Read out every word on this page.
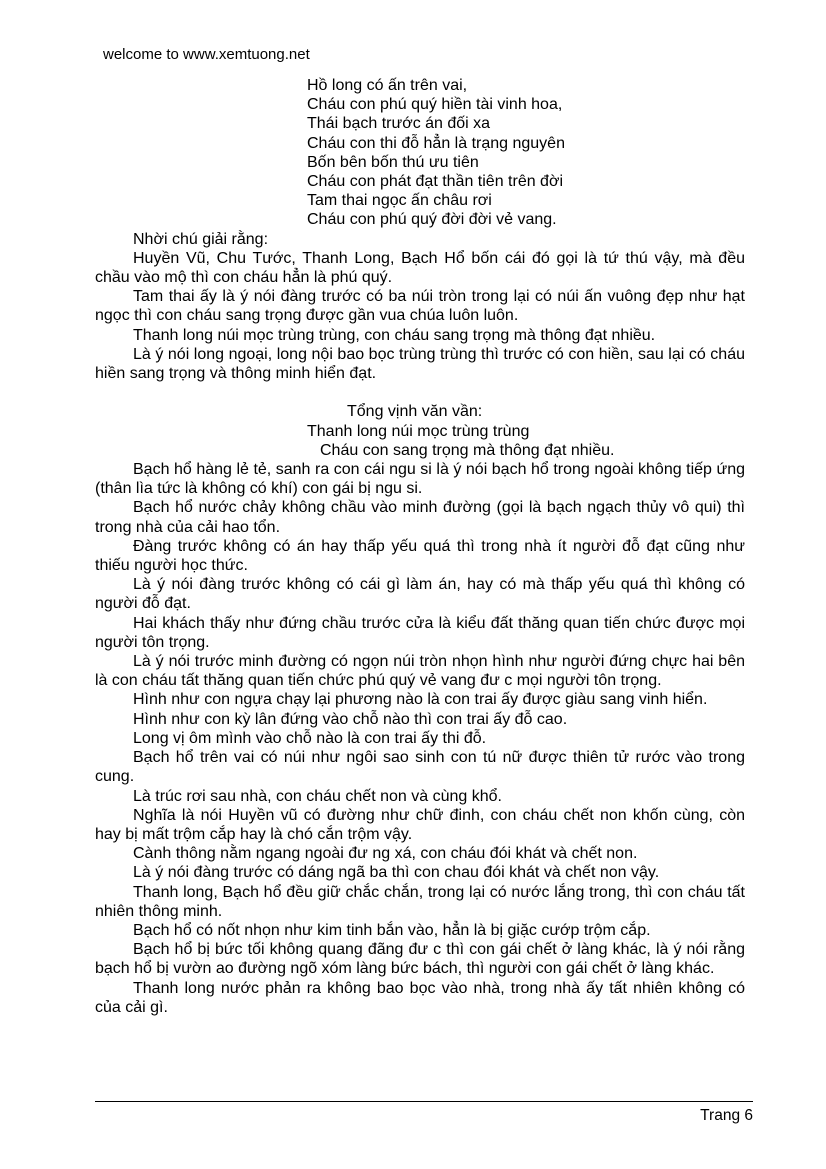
welcome to www.xemtuong.net
Hồ long có ấn trên vai,
Cháu con phú quý hiền tài vinh hoa,
Thái bạch trước án đối xa
Cháu con thi đỗ hẳn là trạng nguyên
Bốn bên bốn thú ưu tiên
Cháu con phát đạt thần tiên trên đời
Tam thai ngọc ấn châu rơi
Cháu con phú quý đời đời vẻ vang.

Nhời chú giải rằng:

Huyền Vũ, Chu Tước, Thanh Long, Bạch Hổ bốn cái đó gọi là tứ thú vậy, mà đều chầu vào mộ thì con cháu hẳn là phú quý.

Tam thai ấy là ý nói đàng trước có ba núi tròn trong lại có núi ấn vuông đẹp như hạt ngọc thì con cháu sang trọng được gần vua chúa luôn luôn.

Thanh long núi mọc trùng trùng, con cháu sang trọng mà thông đạt nhiều.

Là ý nói long ngoại, long nội bao bọc trùng trùng thì trước có con hiền, sau lại có cháu hiền sang trọng và thông minh hiển đạt.

Tổng vịnh văn vần:
Thanh long núi mọc trùng trùng
Cháu con sang trọng mà thông đạt nhiều.

Bạch hổ hàng lẻ tẻ, sanh ra con cái ngu si là ý nói bạch hổ trong ngoài không tiếp ứng (thân lìa tức là không có khí) con gái bị ngu si.

Bạch hổ nước chảy không chầu vào minh đường (gọi là bạch ngạch thủy vô qui) thì trong nhà của cải hao tổn.

Đàng trước không có án hay thấp yếu quá thì trong nhà ít người đỗ đạt cũng như thiếu người học thức.

Là ý nói đàng trước không có cái gì làm án, hay có mà thấp yếu quá thì không có người đỗ đạt.

Hai khách thấy như đứng chầu trước cửa là kiểu đất thăng quan tiến chức được mọi người tôn trọng.

Là ý nói trước minh đường có ngọn núi tròn nhọn hình như người đứng chực hai bên là con cháu tất thăng quan tiến chức phú quý vẻ vang đư c mọi người tôn trọng.

Hình như con ngựa chạy lại phương nào là con trai ấy được giàu sang vinh hiển.

Hình như con kỳ lân đứng vào chỗ nào thì con trai ấy đỗ cao.

Long vị ôm mình vào chỗ nào là con trai ấy thi đỗ.

Bạch hổ trên vai có núi như ngôi sao sinh con tú nữ được thiên tử rước vào trong cung.

Là trúc rơi sau nhà, con cháu chết non và cùng khổ.

Nghĩa là nói Huyền vũ có đường như chữ đinh, con cháu chết non khốn cùng, còn hay bị mất trộm cắp hay là chó cắn trộm vậy.

Cành thông nằm ngang ngoài đư ng xá, con cháu đói khát và chết non.

Là ý nói đàng trước có dáng ngã ba thì con chau đói khát và chết non vậy.

Thanh long, Bạch hổ đều giữ chắc chắn, trong lại có nước lắng trong, thì con cháu tất nhiên thông minh.

Bạch hổ có nốt nhọn như kim tinh bắn vào, hẳn là bị giặc cướp trộm cắp.

Bạch hổ bị bức tối không quang đãng đư c thì con gái chết ở làng khác, là ý nói rằng bạch hổ bị vườn ao đường ngõ xóm làng bức bách, thì người con gái chết ở làng khác.

Thanh long nước phản ra không bao bọc vào nhà, trong nhà ấy tất nhiên không có của cải gì.

Trang 6
